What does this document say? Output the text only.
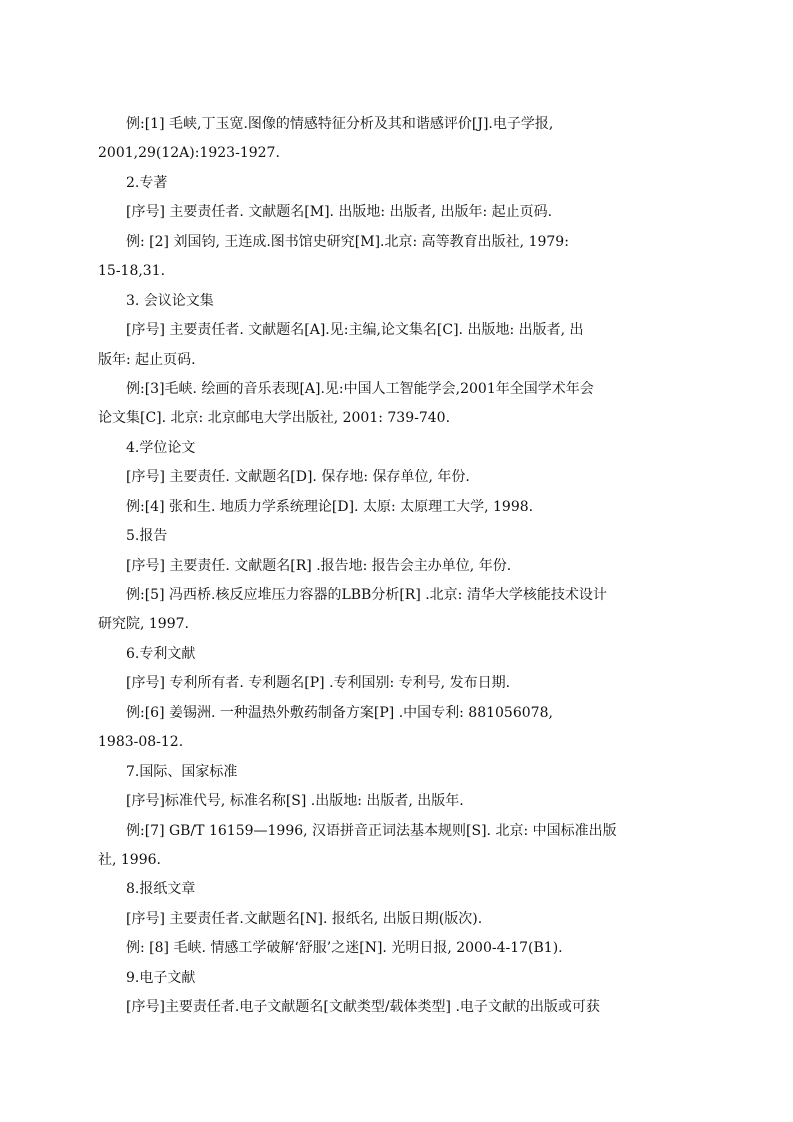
例:[1] 毛峡,丁玉宽.图像的情感特征分析及其和谐感评价[J].电子学报,
2001,29(12A):1923-1927.
2.专著
[序号] 主要责任者. 文献题名[M]. 出版地: 出版者, 出版年: 起止页码.
例: [2] 刘国钧, 王连成.图书馆史研究[M].北京: 高等教育出版社, 1979:
15-18,31.
3. 会议论文集
[序号] 主要责任者. 文献题名[A].见:主编,论文集名[C]. 出版地: 出版者, 出
版年: 起止页码.
例:[3]毛峡. 绘画的音乐表现[A].见:中国人工智能学会,2001年全国学术年会
论文集[C]. 北京: 北京邮电大学出版社, 2001: 739-740.
4.学位论文
[序号] 主要责任. 文献题名[D]. 保存地: 保存单位, 年份.
例:[4] 张和生. 地质力学系统理论[D]. 太原: 太原理工大学, 1998.
5.报告
[序号] 主要责任. 文献题名[R] .报告地: 报告会主办单位, 年份.
例:[5] 冯西桥.核反应堆压力容器的LBB分析[R] .北京: 清华大学核能技术设计
研究院, 1997.
6.专利文献
[序号] 专利所有者. 专利题名[P] .专利国别: 专利号, 发布日期.
例:[6] 姜锡洲. 一种温热外敷药制备方案[P] .中国专利: 881056078,
1983-08-12.
7.国际、国家标准
[序号]标准代号, 标准名称[S] .出版地: 出版者, 出版年.
例:[7] GB/T 16159—1996, 汉语拼音正词法基本规则[S]. 北京: 中国标准出版
社, 1996.
8.报纸文章
[序号] 主要责任者.文献题名[N]. 报纸名, 出版日期(版次).
例: [8] 毛峡. 情感工学破解‘舒服’之迷[N]. 光明日报, 2000-4-17(B1).
9.电子文献
[序号]主要责任者.电子文献题名[文献类型/载体类型] .电子文献的出版或可获
